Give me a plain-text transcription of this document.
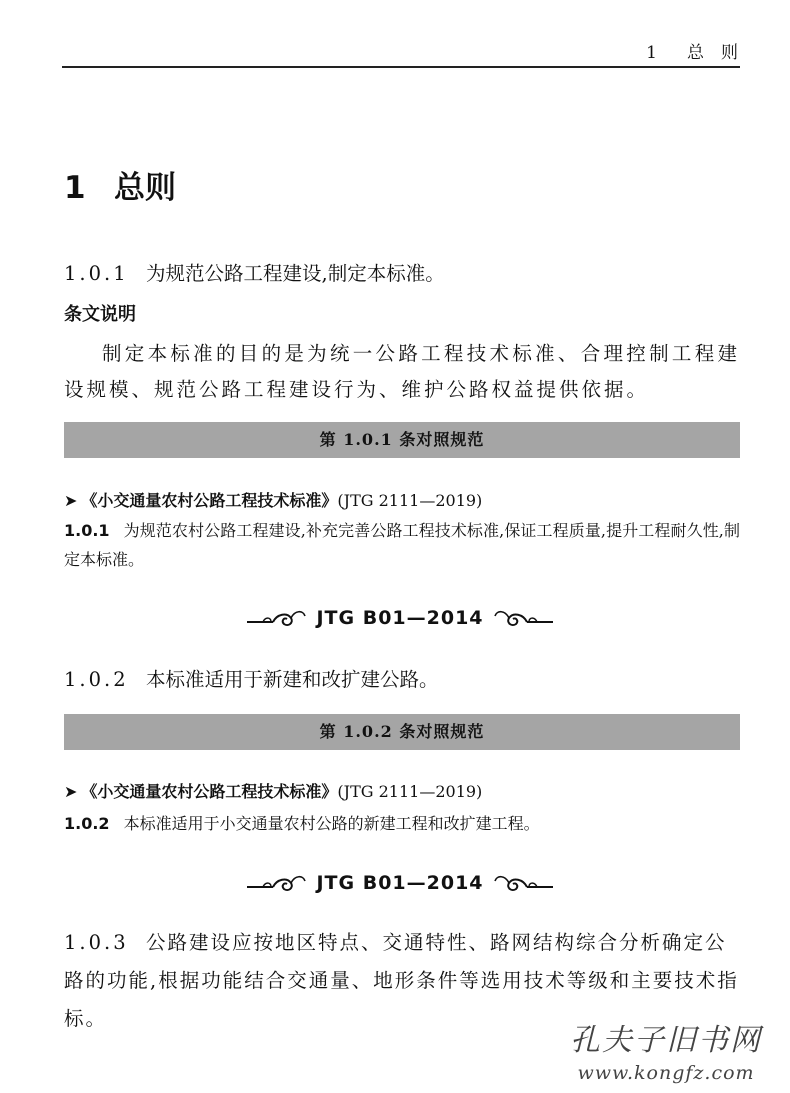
1 总　则
1 总则
1.0.1 为规范公路工程建设,制定本标准。
条文说明

制定本标准的目的是为统一公路工程技术标准、合理控制工程建设规模、规范公路工程建设行为、维护公路权益提供依据。

第 1.0.1 条对照规范
➤ 《小交通量农村公路工程技术标准》(JTG 2111—2019)

1.0.1 为规范农村公路工程建设,补充完善公路工程技术标准,保证工程质量,提升工程耐久性,制定本标准。

JTG B01—2014
1.0.2 本标准适用于新建和改扩建公路。
第 1.0.2 条对照规范
➤ 《小交通量农村公路工程技术标准》(JTG 2111—2019)

1.0.2 本标准适用于小交通量农村公路的新建工程和改扩建工程。

JTG B01—2014

1.0.3 公路建设应按地区特点、交通特性、路网结构综合分析确定公路的功能,根据功能结合交通量、地形条件等选用技术等级和主要技术指标。

孔夫子旧书网
www.kongfz.com
